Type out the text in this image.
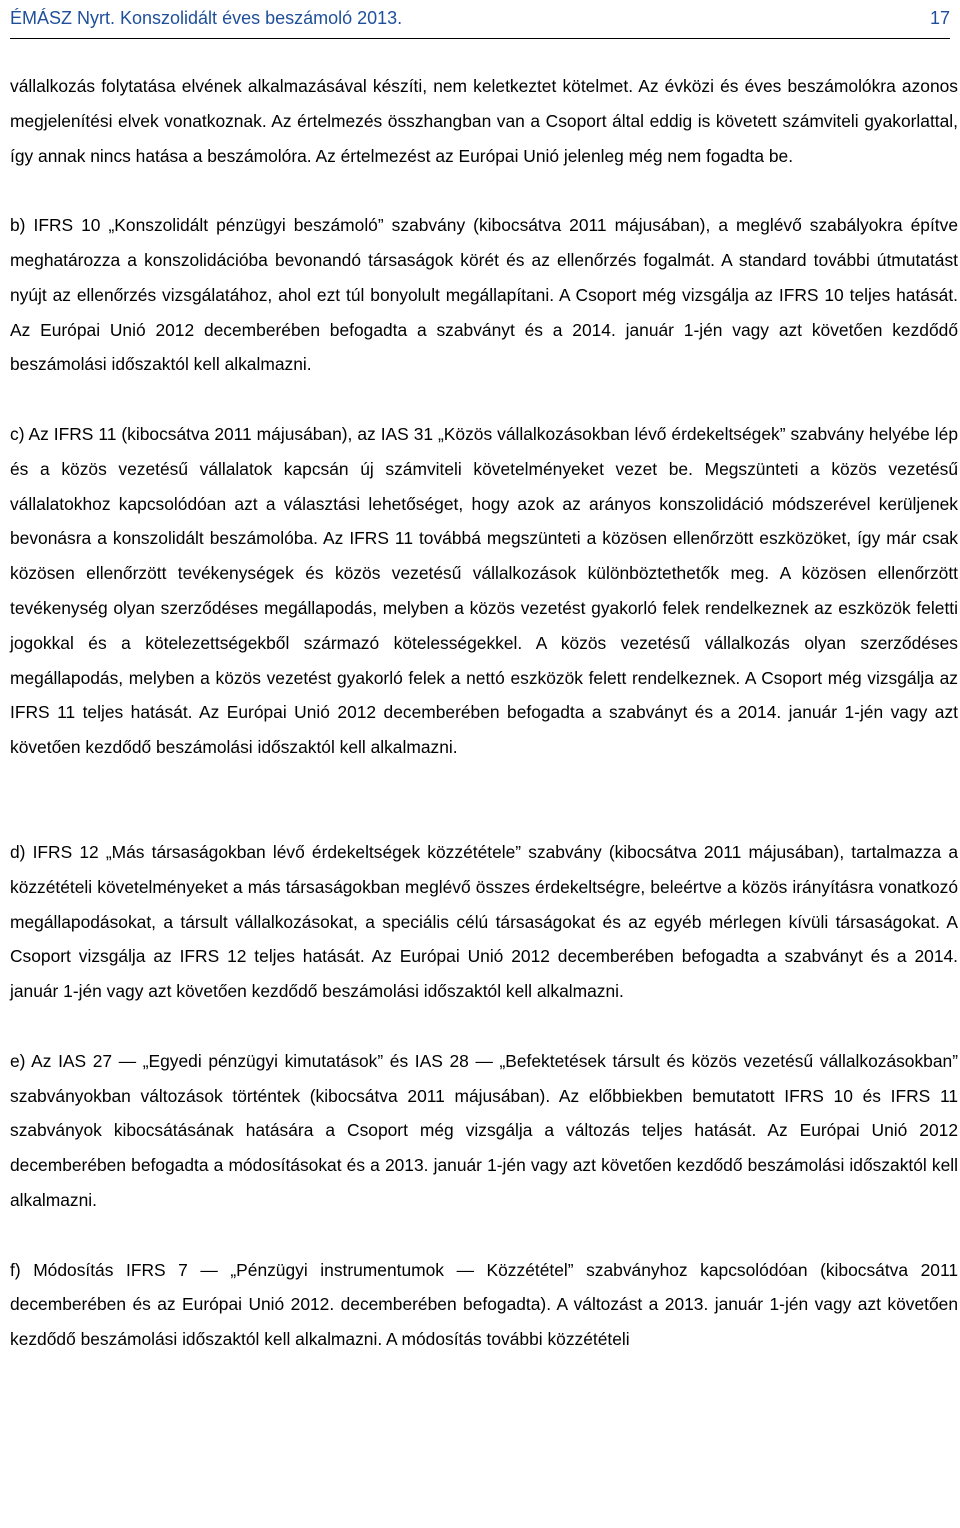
ÉMÁSZ Nyrt. Konszolidált éves beszámoló 2013.	17

vállalkozás folytatása elvének alkalmazásával készíti, nem keletkeztet kötelmet. Az évközi és éves beszámolókra azonos megjelenítési elvek vonatkoznak. Az értelmezés összhangban van a Csoport által eddig is követett számviteli gyakorlattal, így annak nincs hatása a beszámolóra. Az értelmezést az Európai Unió jelenleg még nem fogadta be.

b) IFRS 10 „Konszolidált pénzügyi beszámoló” szabvány (kibocsátva 2011 májusában), a meglévő szabályokra építve meghatározza a konszolidációba bevonandó társaságok körét és az ellenőrzés fogalmát. A standard további útmutatást nyújt az ellenőrzés vizsgálatához, ahol ezt túl bonyolult megállapítani. A Csoport még vizsgálja az IFRS 10 teljes hatását. Az Európai Unió 2012 decemberében befogadta a szabványt és a 2014. január 1-jén vagy azt követően kezdődő beszámolási időszaktól kell alkalmazni.

c) Az IFRS 11 (kibocsátva 2011 májusában), az IAS 31 „Közös vállalkozásokban lévő érdekeltségek” szabvány helyébe lép és a közös vezetésű vállalatok kapcsán új számviteli követelményeket vezet be. Megszünteti a közös vezetésű vállalatokhoz kapcsolódóan azt a választási lehetőséget, hogy azok az arányos konszolidáció módszerével kerüljenek bevonásra a konszolidált beszámolóba. Az IFRS 11 továbbá megszünteti a közösen ellenőrzött eszközöket, így már csak közösen ellenőrzött tevékenységek és közös vezetésű vállalkozások különböztethetők meg. A közösen ellenőrzött tevékenység olyan szerződéses megállapodás, melyben a közös vezetést gyakorló felek rendelkeznek az eszközök feletti jogokkal és a kötelezettségekből származó kötelességekkel. A közös vezetésű vállalkozás olyan szerződéses megállapodás, melyben a közös vezetést gyakorló felek a nettó eszközök felett rendelkeznek. A Csoport még vizsgálja az IFRS 11 teljes hatását. Az Európai Unió 2012 decemberében befogadta a szabványt és a 2014. január 1-jén vagy azt követően kezdődő beszámolási időszaktól kell alkalmazni.

d) IFRS 12 „Más társaságokban lévő érdekeltségek közzététele” szabvány (kibocsátva 2011 májusában), tartalmazza a közzétételi követelményeket a más társaságokban meglévő összes érdekeltségre, beleértve a közös irányításra vonatkozó megállapodásokat, a társult vállalkozásokat, a speciális célú társaságokat és az egyéb mérlegen kívüli társaságokat. A Csoport vizsgálja az IFRS 12 teljes hatását. Az Európai Unió 2012 decemberében befogadta a szabványt és a 2014. január 1-jén vagy azt követően kezdődő beszámolási időszaktól kell alkalmazni.

e) Az IAS 27 — „Egyedi pénzügyi kimutatások” és IAS 28 — „Befektetések társult és közös vezetésű vállalkozásokban” szabványokban változások történtek (kibocsátva 2011 májusában). Az előbbiekben bemutatott IFRS 10 és IFRS 11 szabványok kibocsátásának hatására a Csoport még vizsgálja a változás teljes hatását. Az Európai Unió 2012 decemberében befogadta a módosításokat és a 2013. január 1-jén vagy azt követően kezdődő beszámolási időszaktól kell alkalmazni.

f) Módosítás IFRS 7 — „Pénzügyi instrumentumok — Közzététel” szabványhoz kapcsolódóan (kibocsátva 2011 decemberében és az Európai Unió 2012. decemberében befogadta). A változást a 2013. január 1-jén vagy azt követően kezdődő beszámolási időszaktól kell alkalmazni. A módosítás további közzétételi
